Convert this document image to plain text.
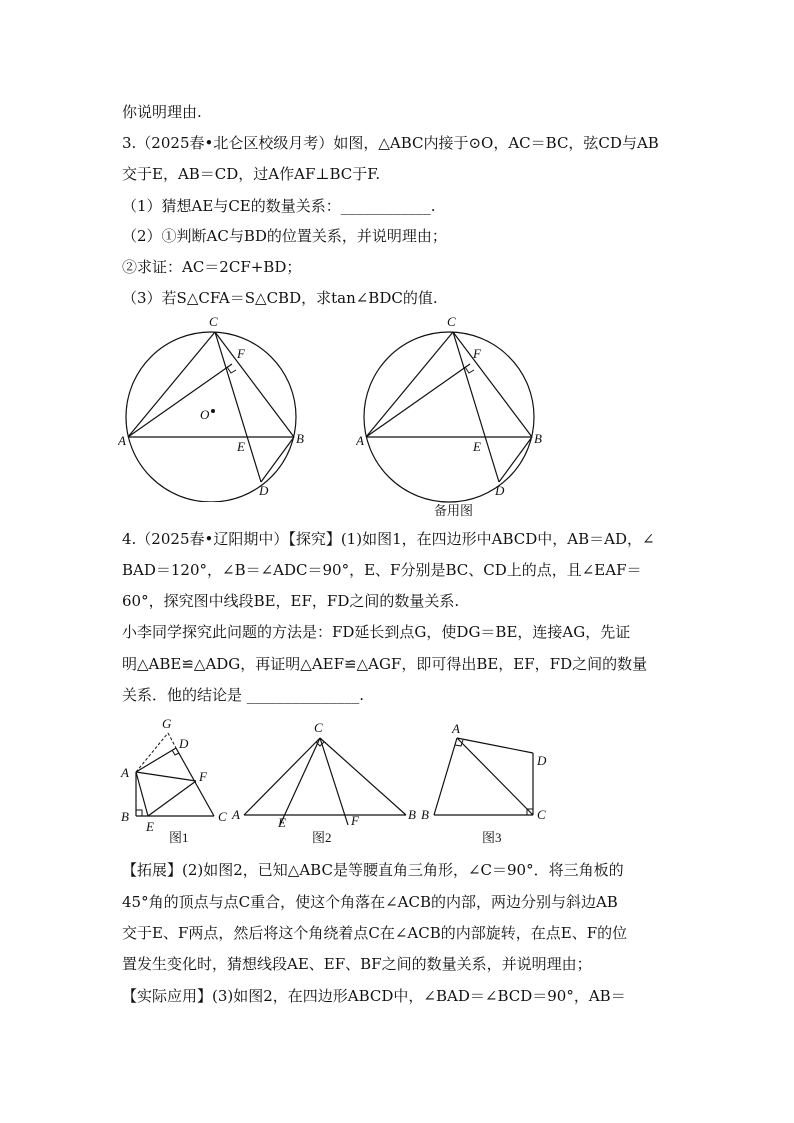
你说明理由.
3.（2025春•北仑区校级月考）如图，△ABC内接于⊙O，AC＝BC，弦CD与AB
交于E，AB＝CD，过A作AF⊥BC于F.
（1）猜想AE与CE的数量关系：____________.
（2）①判断AC与BD的位置关系，并说明理由；
②求证：AC＝2CF+BD；
（3）若S△CFA＝S△CBD，求tan∠BDC的值.
C
F
O
A	E
B
D
C
F
A	E
B
D
备用图
4.（2025春•辽阳期中）【探究】(1)如图1，在四边形中ABCD中，AB＝AD，∠
BAD＝120°，∠B＝∠ADC＝90°，E、F分别是BC、CD上的点，且∠EAF＝
60°，探究图中线段BE，EF，FD之间的数量关系.
小李同学探究此问题的方法是：FD延长到点G，使DG＝BE，连接AG，先证
明△ABE≌△ADG，再证明△AEF≌△AGF，即可得出BE，EF，FD之间的数量
关系．他的结论是 _______________.
G
D
A	F
B
E
C
图1
C
A
E	F	B
图2
A
D
B	C
图3
【拓展】(2)如图2，已知△ABC是等腰直角三角形，∠C＝90°．将三角板的
45°角的顶点与点C重合，使这个角落在∠ACB的内部，两边分别与斜边AB
交于E、F两点，然后将这个角绕着点C在∠ACB的内部旋转，在点E、F的位
置发生变化时，猜想线段AE、EF、BF之间的数量关系，并说明理由；
【实际应用】(3)如图2，在四边形ABCD中，∠BAD＝∠BCD＝90°，AB＝
